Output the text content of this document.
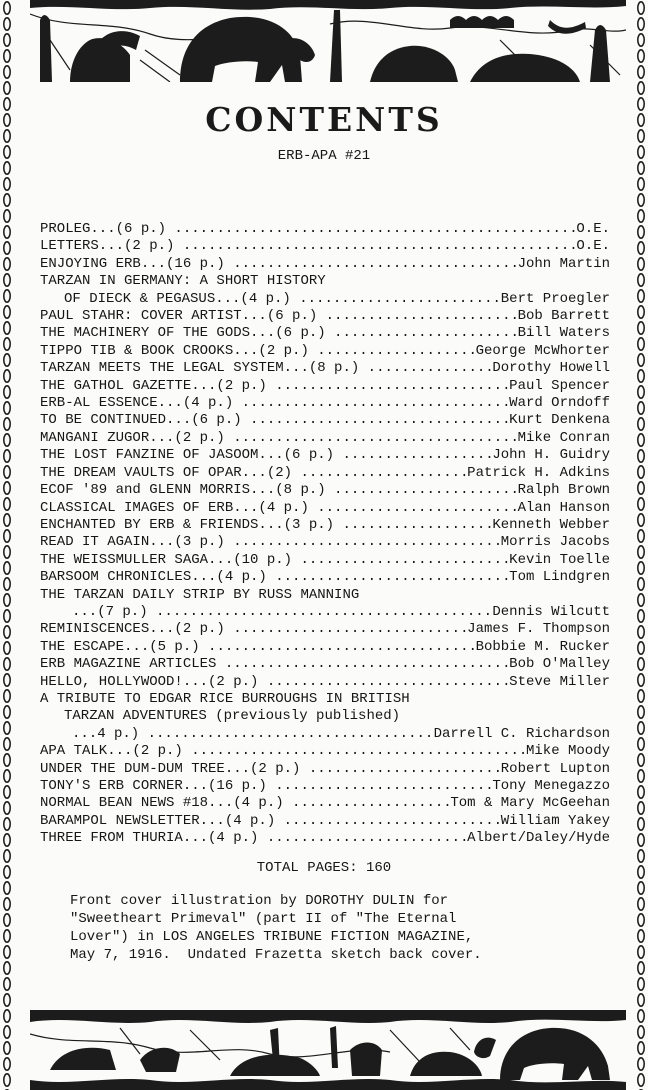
CONTENTS
ERB-APA #21
PROLEG...(6 p.) .....	O.E.
LETTERS...(2 p.) .....	O.E.
ENJOYING ERB...(16 p.) .....	John Martin
TARZAN IN GERMANY: A SHORT HISTORY
OF DIECK & PEGASUS...(4 p.) .....	Bert Proegler
PAUL STAHR: COVER ARTIST...(6 p.) .....	Bob Barrett
THE MACHINERY OF THE GODS...(6 p.) .....	Bill Waters
TIPPO TIB & BOOK CROOKS...(2 p.) .....	George McWhorter
TARZAN MEETS THE LEGAL SYSTEM...(8 p.) .....	Dorothy Howell
THE GATHOL GAZETTE...(2 p.) .....	Paul Spencer
ERB-AL ESSENCE...(4 p.) .....	Ward Orndoff
TO BE CONTINUED...(6 p.) .....	Kurt Denkena
MANGANI ZUGOR...(2 p.) .....	Mike Conran
THE LOST FANZINE OF JASOOM...(6 p.) .....	John H. Guidry
THE DREAM VAULTS OF OPAR...(2) .....	Patrick H. Adkins
ECOF '89 and GLENN MORRIS...(8 p.) .....	Ralph Brown
CLASSICAL IMAGES OF ERB...(4 p.) .....	Alan Hanson
ENCHANTED BY ERB & FRIENDS...(3 p.) .....	Kenneth Webber
READ IT AGAIN...(3 p.) .....	Morris Jacobs
THE WEISSMULLER SAGA...(10 p.) .....	Kevin Toelle
BARSOOM CHRONICLES...(4 p.) .....	Tom Lindgren
THE TARZAN DAILY STRIP BY RUSS MANNING
...(7 p.) .....	Dennis Wilcutt
REMINISCENCES...(2 p.) .....	James F. Thompson
THE ESCAPE...(5 p.) .....	Bobbie M. Rucker
ERB MAGAZINE ARTICLES .....	Bob O'Malley
HELLO, HOLLYWOOD!...(2 p.) .....	Steve Miller
A TRIBUTE TO EDGAR RICE BURROUGHS IN BRITISH
TARZAN ADVENTURES (previously published)
...4 p.) .....	Darrell C. Richardson
APA TALK...(2 p.) .....	Mike Moody
UNDER THE DUM-DUM TREE...(2 p.) .....	Robert Lupton
TONY'S ERB CORNER...(16 p.) .....	Tony Menegazzo
NORMAL BEAN NEWS #18...(4 p.) .....	Tom & Mary McGeehan
BARAMPOL NEWSLETTER...(4 p.) .....	William Yakey
THREE FROM THURIA...(4 p.) .....	Albert/Daley/Hyde
TOTAL PAGES: 160
Front cover illustration by DOROTHY DULIN for
"Sweetheart Primeval" (part II of "The Eternal
Lover") in LOS ANGELES TRIBUNE FICTION MAGAZINE,
May 7, 1916.  Undated Frazetta sketch back cover.
